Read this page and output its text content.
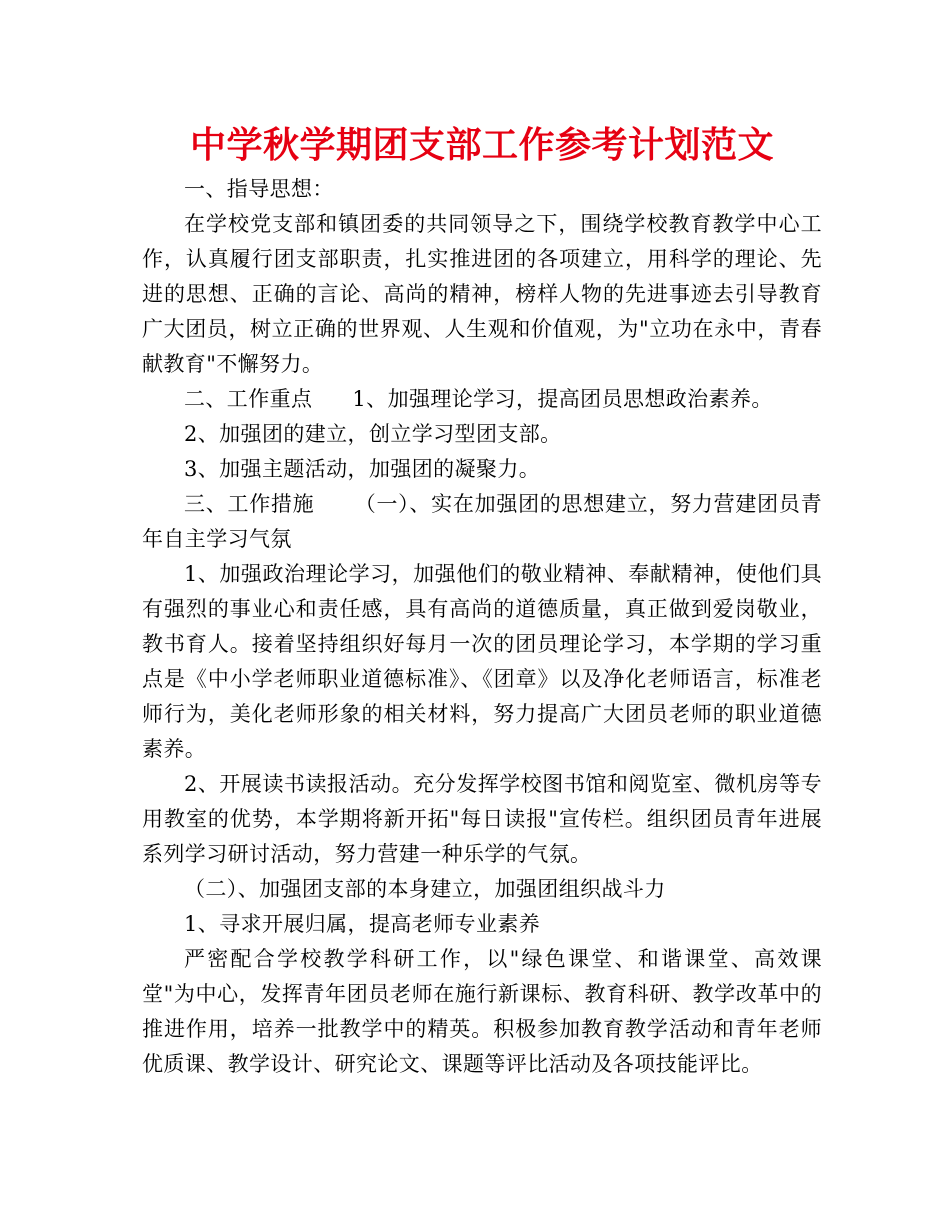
中学秋学期团支部工作参考计划范文

一、指导思想：

在学校党支部和镇团委的共同领导之下，围绕学校教育教学中心工作，认真履行团支部职责，扎实推进团的各项建立，用科学的理论、先进的思想、正确的言论、高尚的精神，榜样人物的先进事迹去引导教育广大团员，树立正确的世界观、人生观和价值观，为"立功在永中，青春献教育"不懈努力。

二、工作重点 1、加强理论学习，提高团员思想政治素养。

2、加强团的建立，创立学习型团支部。

3、加强主题活动，加强团的凝聚力。

三、工作措施 （一）、实在加强团的思想建立，努力营建团员青年自主学习气氛

1、加强政治理论学习，加强他们的敬业精神、奉献精神，使他们具有强烈的事业心和责任感，具有高尚的道德质量，真正做到爱岗敬业，教书育人。接着坚持组织好每月一次的团员理论学习，本学期的学习重点是《中小学老师职业道德标准》、《团章》以及净化老师语言，标准老师行为，美化老师形象的相关材料，努力提高广大团员老师的职业道德素养。

2、开展读书读报活动。充分发挥学校图书馆和阅览室、微机房等专用教室的优势，本学期将新开拓"每日读报"宣传栏。组织团员青年进展系列学习研讨活动，努力营建一种乐学的气氛。

（二）、加强团支部的本身建立，加强团组织战斗力

1、寻求开展归属，提高老师专业素养

严密配合学校教学科研工作，以"绿色课堂、和谐课堂、高效课堂"为中心，发挥青年团员老师在施行新课标、教育科研、教学改革中的推进作用，培养一批教学中的精英。积极参加教育教学活动和青年老师优质课、教学设计、研究论文、课题等评比活动及各项技能评比。
